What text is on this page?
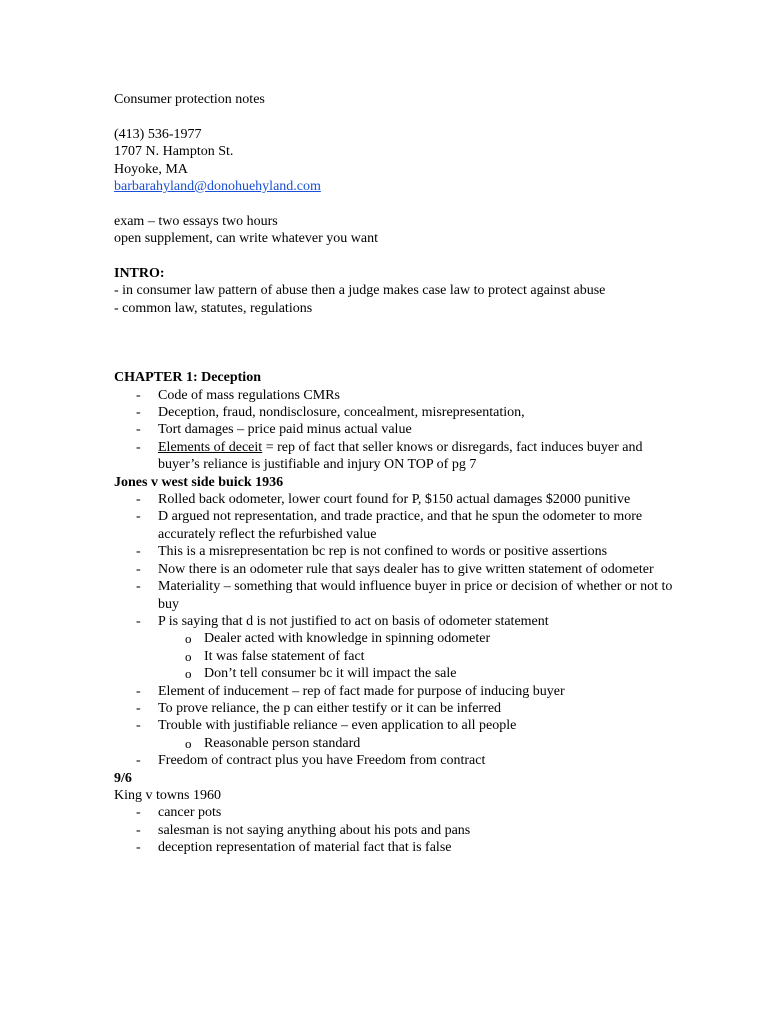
Consumer protection notes
(413) 536-1977
1707 N. Hampton St.
Hoyoke, MA
barbarahyland@donohuehyland.com
exam – two essays two hours
open supplement, can write whatever you want
INTRO:
- in consumer law pattern of abuse then a judge makes case law to protect against abuse
- common law, statutes, regulations
CHAPTER 1: Deception
- Code of mass regulations CMRs
- Deception, fraud, nondisclosure, concealment, misrepresentation,
- Tort damages – price paid minus actual value
- Elements of deceit = rep of fact that seller knows or disregards, fact induces buyer and buyer’s reliance is justifiable and injury ON TOP of pg 7
Jones v west side buick 1936
- Rolled back odometer, lower court found for P, $150 actual damages $2000 punitive
- D argued not representation, and trade practice, and that he spun the odometer to more accurately reflect the refurbished value
- This is a misrepresentation bc rep is not confined to words or positive assertions
- Now there is an odometer rule that says dealer has to give written statement of odometer
- Materiality – something that would influence buyer in price or decision of whether or not to buy
- P is saying that d is not justified to act on basis of odometer statement
o Dealer acted with knowledge in spinning odometer
o It was false statement of fact
o Don’t tell consumer bc it will impact the sale
- Element of inducement – rep of fact made for purpose of inducing buyer
- To prove reliance, the p can either testify or it can be inferred
- Trouble with justifiable reliance – even application to all people
o Reasonable person standard
- Freedom of contract plus you have Freedom from contract
9/6
King v towns 1960
- cancer pots
- salesman is not saying anything about his pots and pans
- deception representation of material fact that is false
